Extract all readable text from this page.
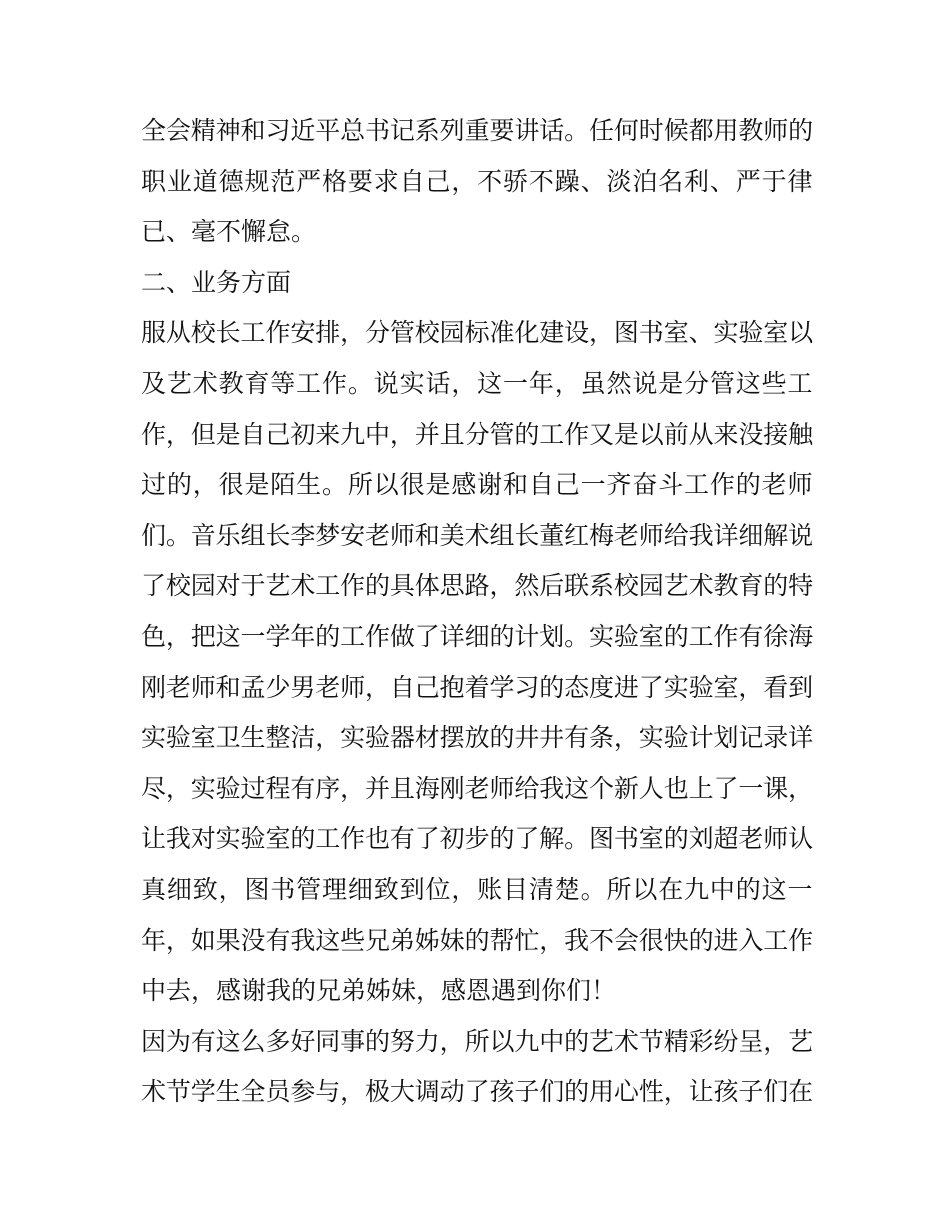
全会精神和习近平总书记系列重要讲话。任何时候都用教师的
职业道德规范严格要求自己，不骄不躁、淡泊名利、严于律
已、毫不懈怠。
二、业务方面
服从校长工作安排，分管校园标准化建设，图书室、实验室以
及艺术教育等工作。说实话，这一年，虽然说是分管这些工
作，但是自己初来九中，并且分管的工作又是以前从来没接触
过的，很是陌生。所以很是感谢和自己一齐奋斗工作的老师
们。音乐组长李梦安老师和美术组长董红梅老师给我详细解说
了校园对于艺术工作的具体思路，然后联系校园艺术教育的特
色，把这一学年的工作做了详细的计划。实验室的工作有徐海
刚老师和孟少男老师，自己抱着学习的态度进了实验室，看到
实验室卫生整洁，实验器材摆放的井井有条，实验计划记录详
尽，实验过程有序，并且海刚老师给我这个新人也上了一课，
让我对实验室的工作也有了初步的了解。图书室的刘超老师认
真细致，图书管理细致到位，账目清楚。所以在九中的这一
年，如果没有我这些兄弟姊妹的帮忙，我不会很快的进入工作
中去，感谢我的兄弟姊妹，感恩遇到你们！
因为有这么多好同事的努力，所以九中的艺术节精彩纷呈，艺
术节学生全员参与，极大调动了孩子们的用心性，让孩子们在
